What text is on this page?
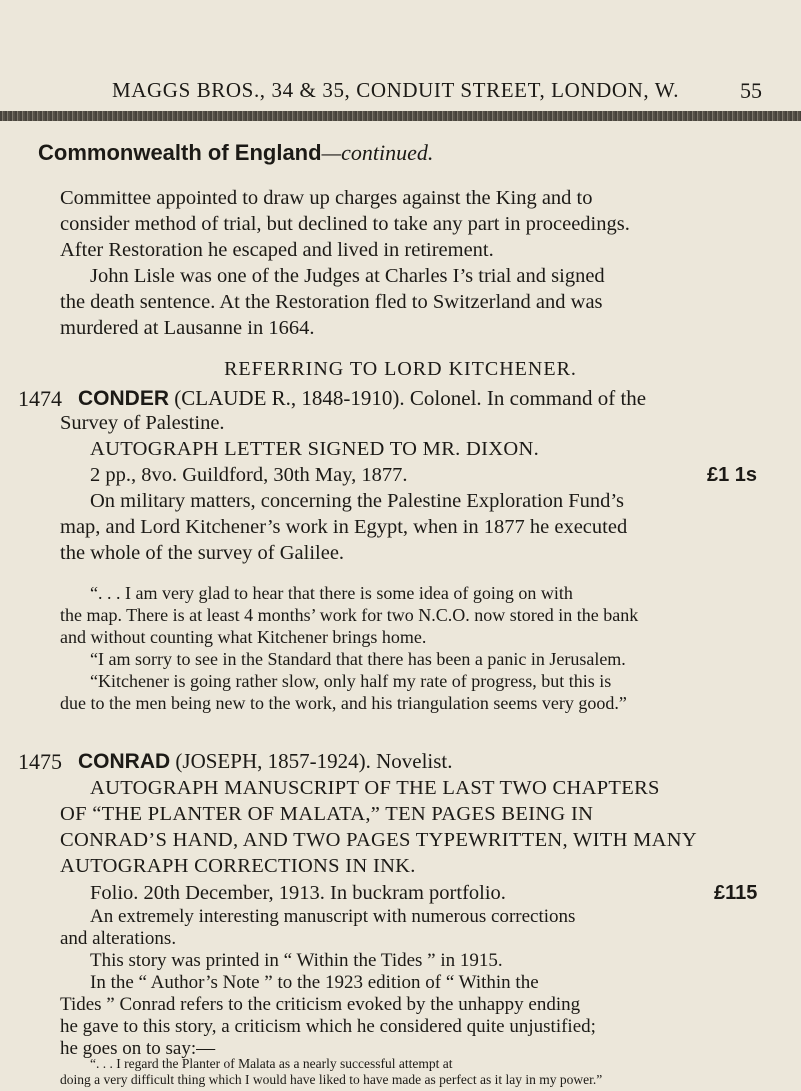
MAGGS BROS., 34 & 35, CONDUIT STREET, LONDON, W.	55
Commonwealth of England—continued.
Committee appointed to draw up charges against the King and to
consider method of trial, but declined to take any part in proceedings.
After Restoration he escaped and lived in retirement.
John Lisle was one of the Judges at Charles I’s trial and signed
the death sentence. At the Restoration fled to Switzerland and was
murdered at Lausanne in 1664.
REFERRING TO LORD KITCHENER.
1474 CONDER (CLAUDE R., 1848-1910). Colonel. In command of the
Survey of Palestine.
AUTOGRAPH LETTER SIGNED TO MR. DIXON.
2 pp., 8vo. Guildford, 30th May, 1877.	£1 1s
On military matters, concerning the Palestine Exploration Fund’s
map, and Lord Kitchener’s work in Egypt, when in 1877 he executed
the whole of the survey of Galilee.
“. . . I am very glad to hear that there is some idea of going on with
the map. There is at least 4 months’ work for two N.C.O. now stored in the bank
and without counting what Kitchener brings home.
“I am sorry to see in the Standard that there has been a panic in Jerusalem.
“Kitchener is going rather slow, only half my rate of progress, but this is
due to the men being new to the work, and his triangulation seems very good.”
1475 CONRAD (JOSEPH, 1857-1924). Novelist.
AUTOGRAPH MANUSCRIPT OF THE LAST TWO CHAPTERS
OF “THE PLANTER OF MALATA,” TEN PAGES BEING IN
CONRAD’S HAND, AND TWO PAGES TYPEWRITTEN, WITH MANY
AUTOGRAPH CORRECTIONS IN INK.
Folio. 20th December, 1913. In buckram portfolio.	£115
An extremely interesting manuscript with numerous corrections
and alterations.
This story was printed in “ Within the Tides ” in 1915.
In the “ Author’s Note ” to the 1923 edition of “ Within the
Tides ” Conrad refers to the criticism evoked by the unhappy ending
he gave to this story, a criticism which he considered quite unjustified;
he goes on to say:—
“. . . I regard the Planter of Malata as a nearly successful attempt at
doing a very difficult thing which I would have liked to have made as perfect as it lay in my power.”
